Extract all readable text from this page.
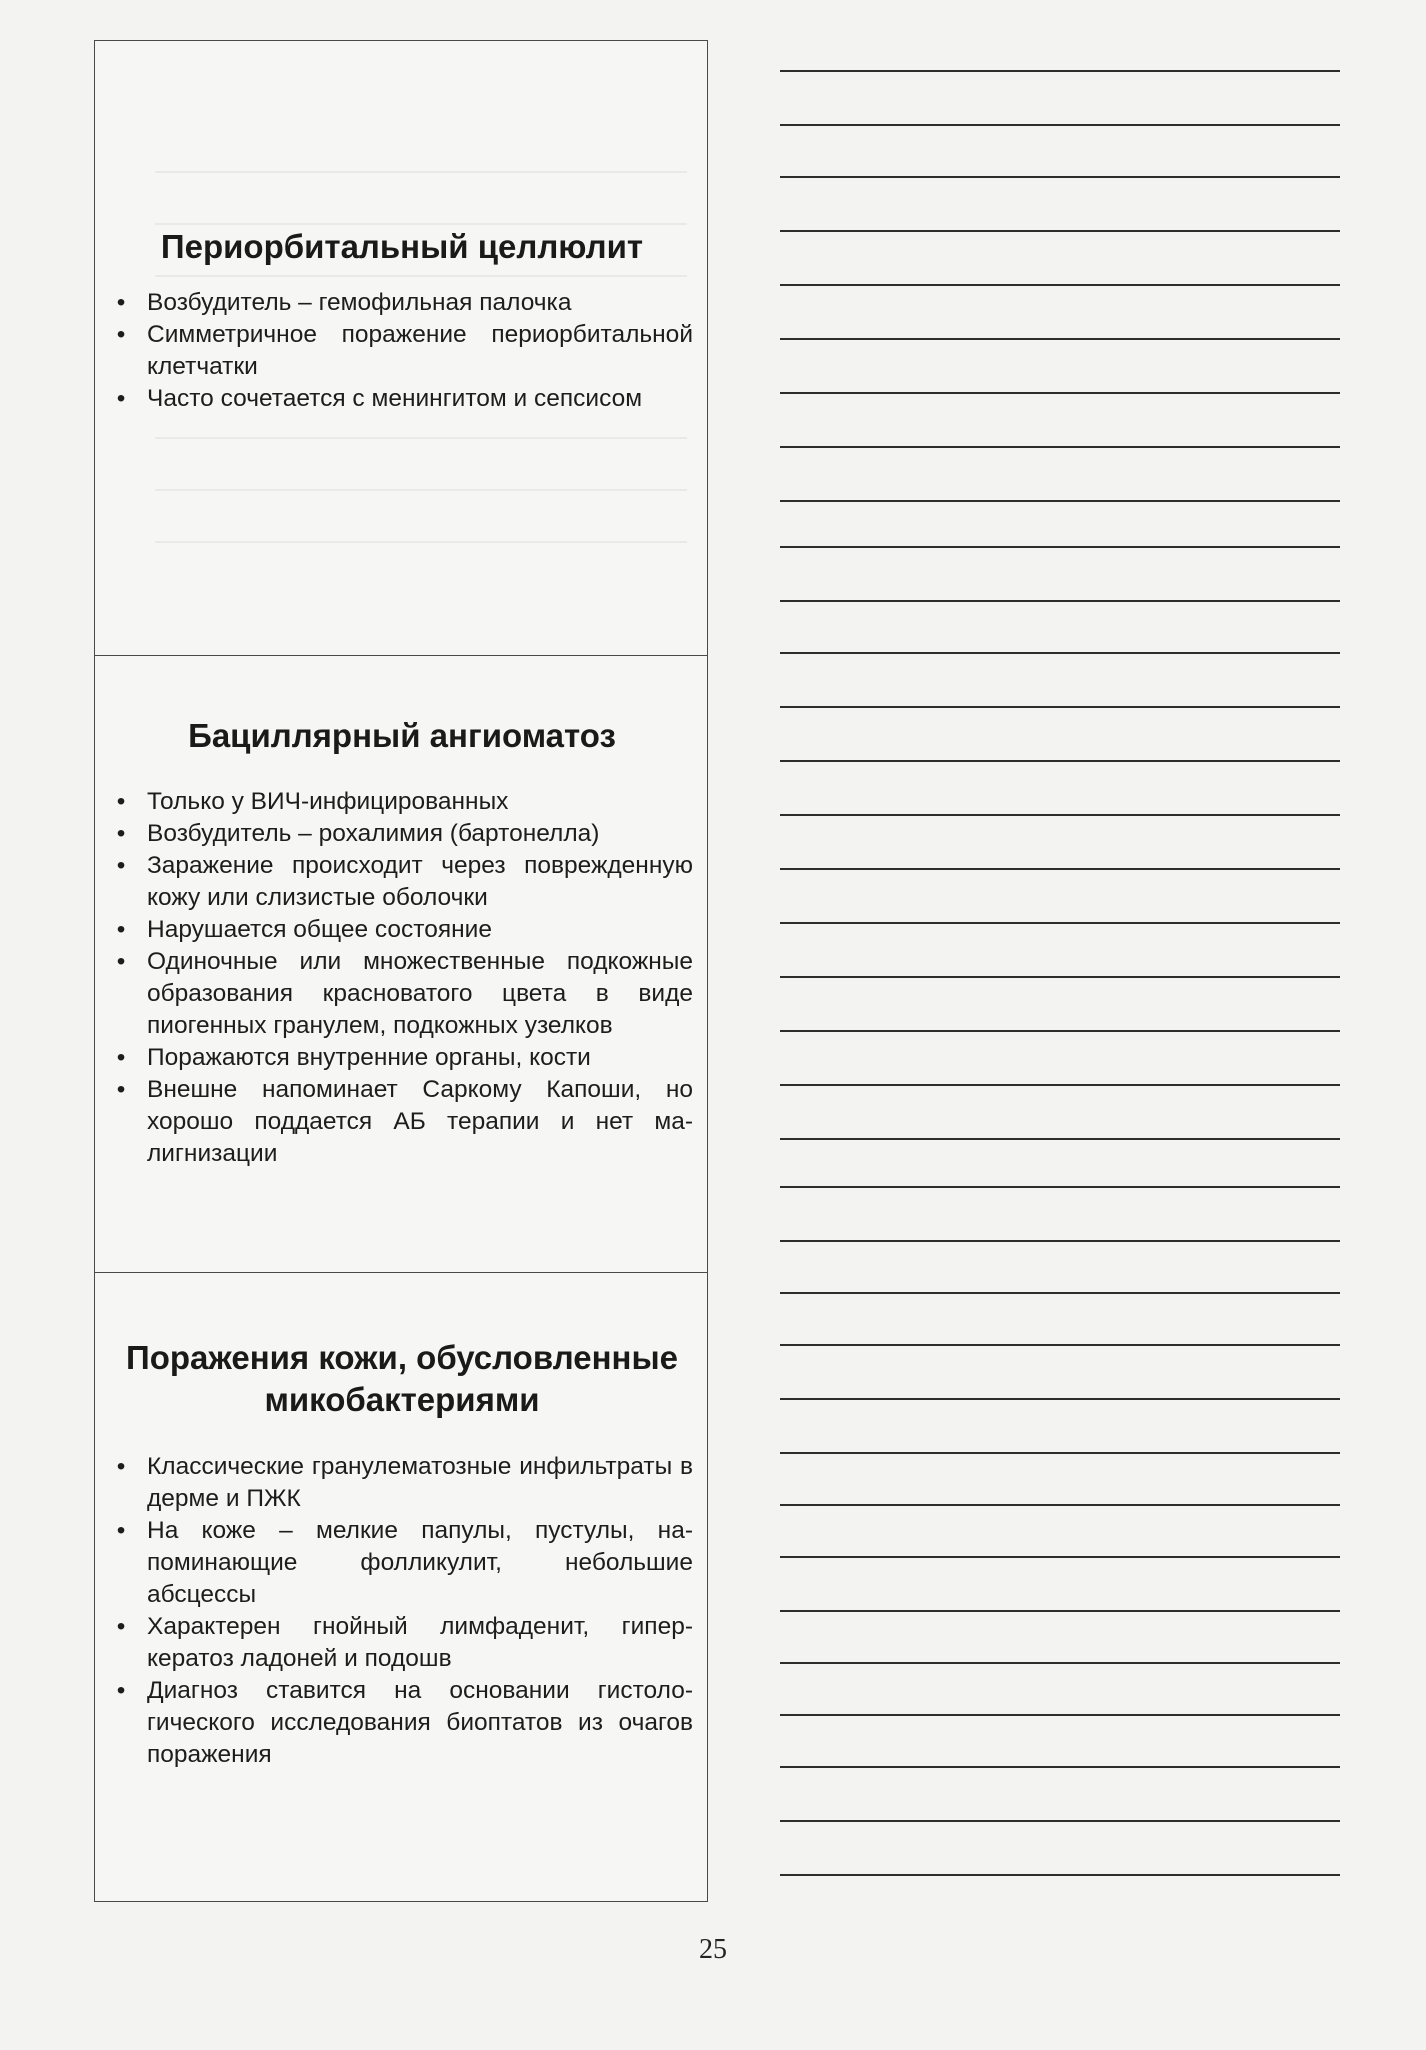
Периорбитальный целлюлит
• Возбудитель – гемофильная палочка
• Симметричное поражение периорбитальной клетчатки
• Часто сочетается с менингитом и сепсисом
Бациллярный ангиоматоз
• Только у ВИЧ-инфицированных
• Возбудитель – рохалимия (бартонелла)
• Заражение происходит через поврежденную кожу или слизистые оболочки
• Нарушается общее состояние
• Одиночные или множественные подкожные образования красноватого цвета в виде пиогенных гранулем, подкожных узелков
• Поражаются внутренние органы, кости
• Внешне напоминает Саркому Капоши, но хорошо поддается АБ терапии и нет малигнизации
Поражения кожи, обусловленные микобактериями
• Классические гранулематозные инфильтраты в дерме и ПЖК
• На коже – мелкие папулы, пустулы, напоминающие фолликулит, небольшие абсцессы
• Характерен гнойный лимфаденит, гиперкератоз ладоней и подошв
• Диагноз ставится на основании гистологического исследования биоптатов из очагов поражения
25
